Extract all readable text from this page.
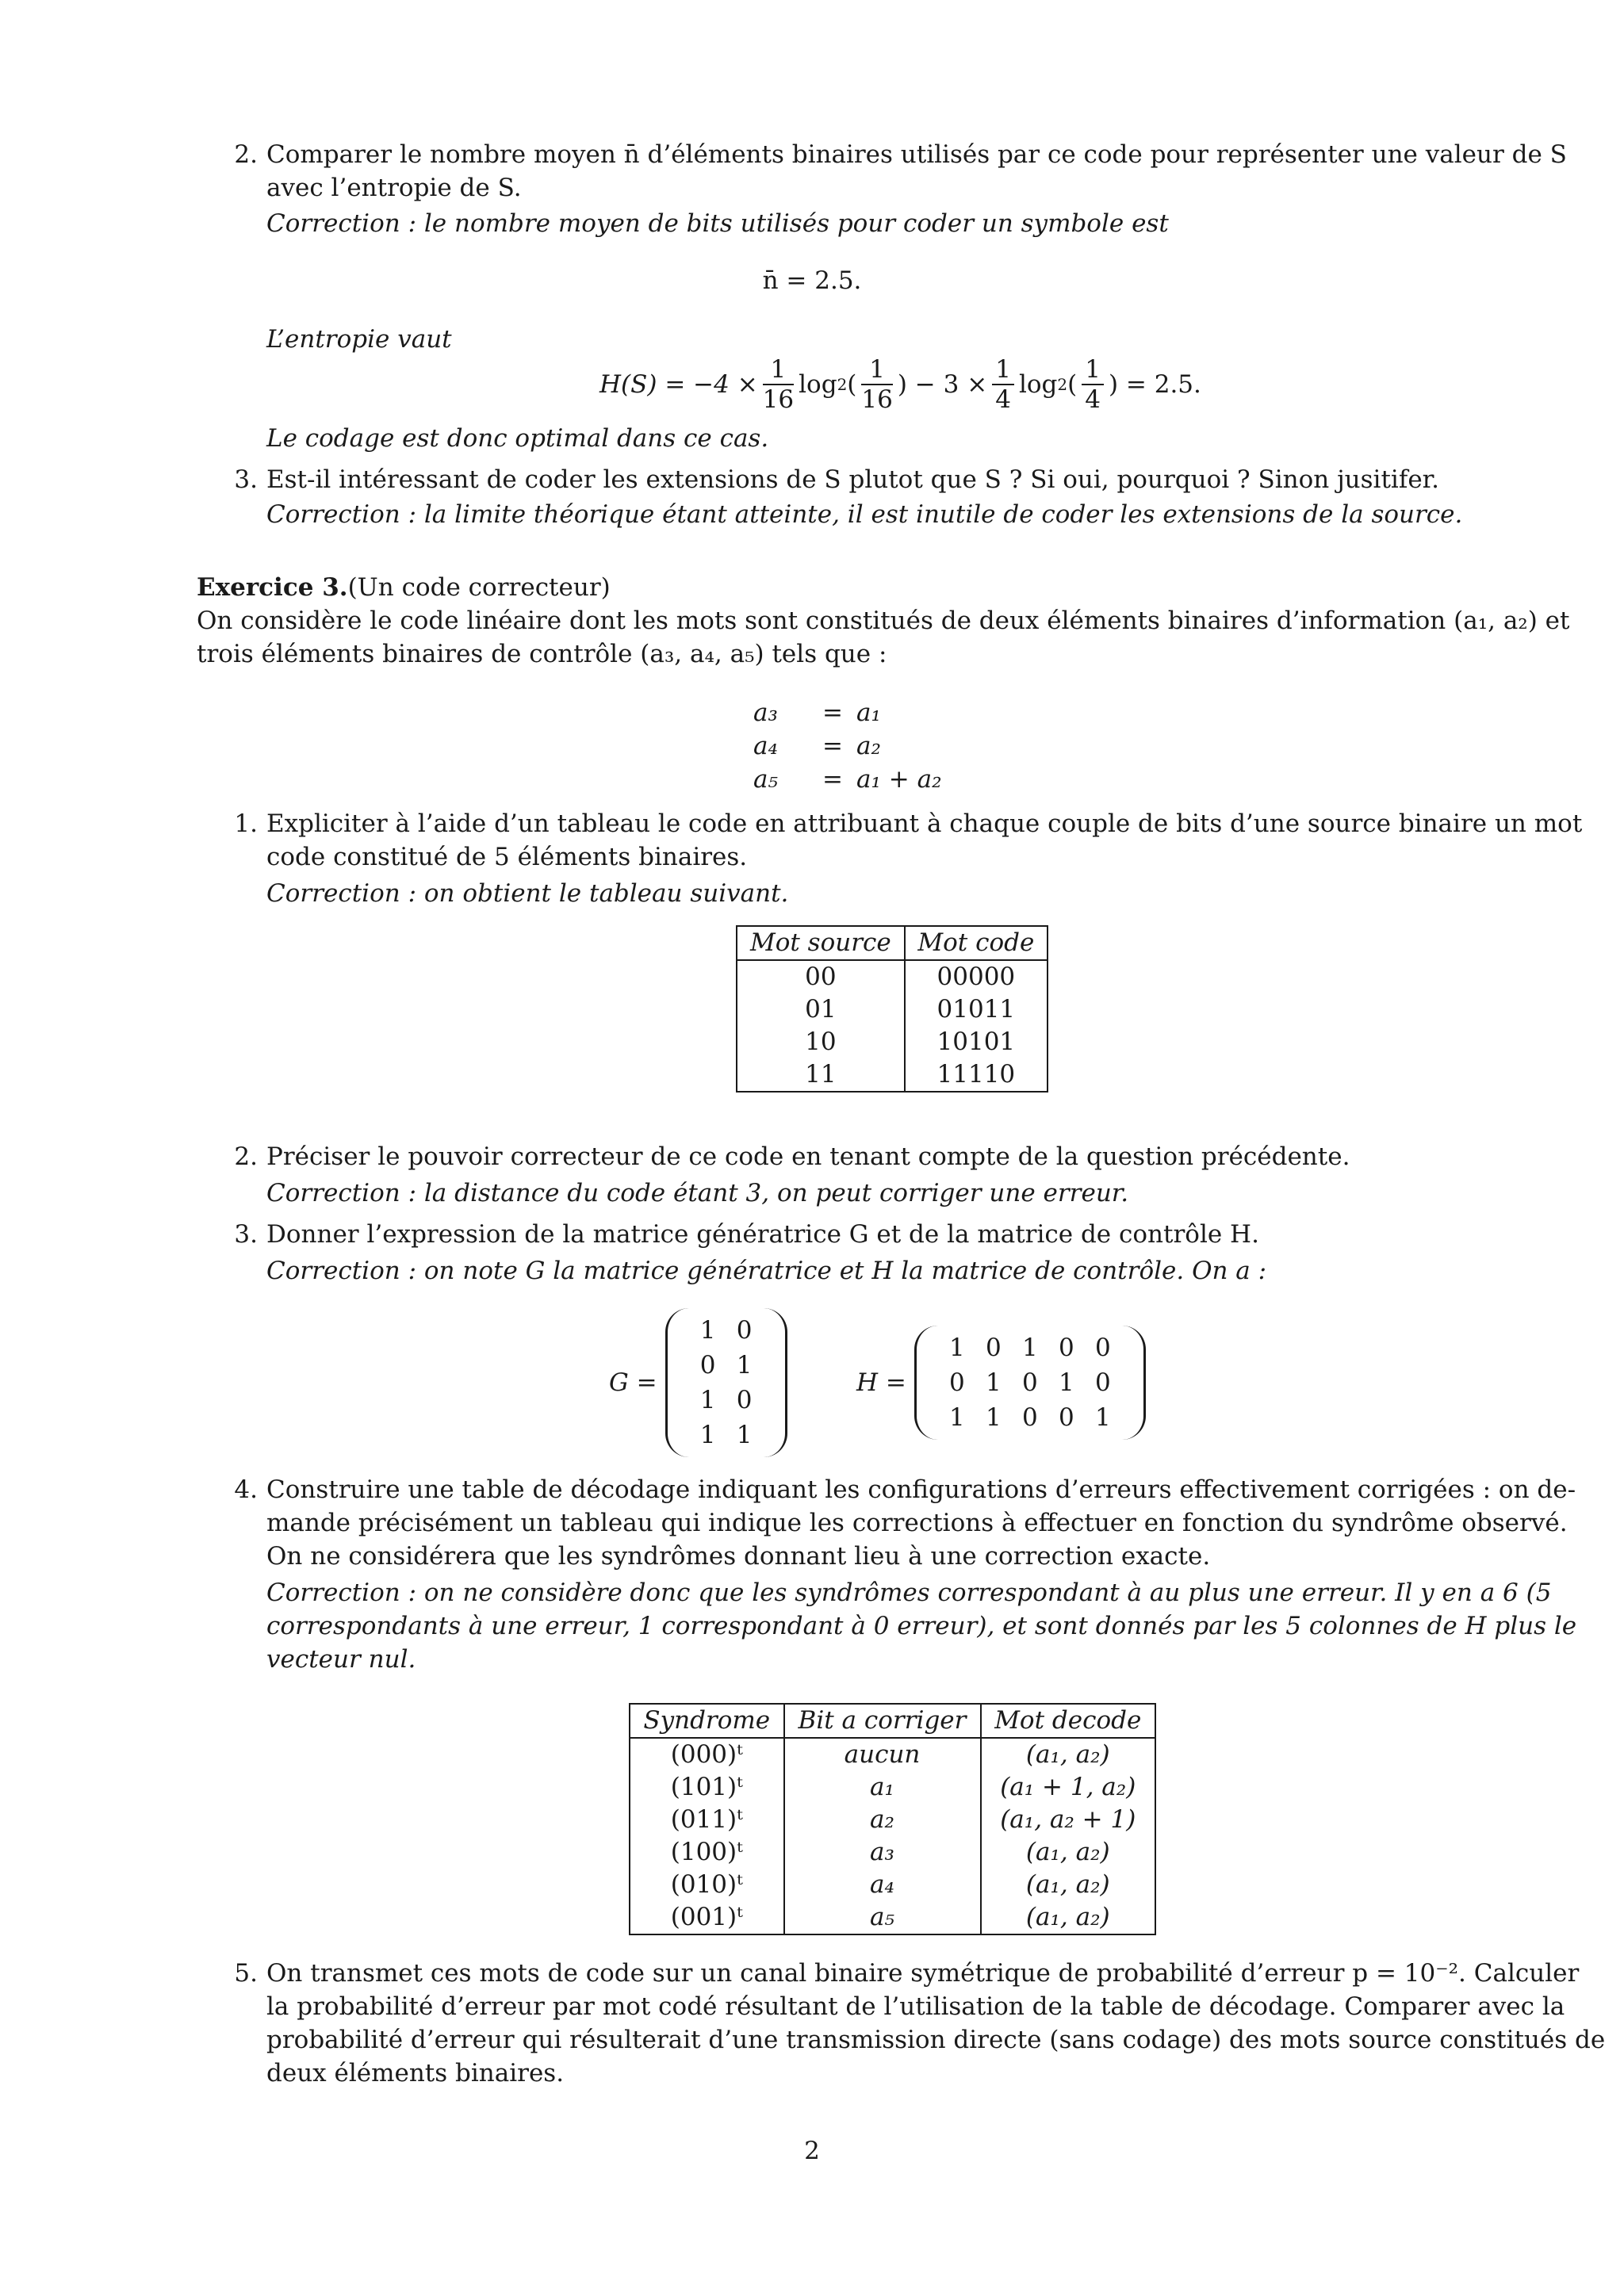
2. Comparer le nombre moyen n̄ d’éléments binaires utilisés par ce code pour représenter une valeur de S
avec l’entropie de S.
Correction : le nombre moyen de bits utilisés pour coder un symbole est
n̄ = 2.5.
L’entropie vaut
$H(S) = -4 \times \frac{1}{16}$ log 2 ( $\frac{1}{16}$ ) − $3 \times \frac{1}{4}$ log 2 ( $\frac{1}{4}$ ) = 2.5.
Le codage est donc optimal dans ce cas.
3. Est-il intéressant de coder les extensions de S plutot que S ? Si oui, pourquoi ? Sinon jusitifer.
Correction : la limite théorique étant atteinte, il est inutile de coder les extensions de la source.
Exercice 3.(Un code correcteur)
On considère le code linéaire dont les mots sont constitués de deux éléments binaires d’information (a₁, a₂) et
trois éléments binaires de contrôle (a₃, a₄, a₅) tels que :
a₃	= a₁
a₄	= a₂
a₅	= a₁ + a₂
1. Expliciter à l’aide d’un tableau le code en attribuant à chaque couple de bits d’une source binaire un mot
code constitué de 5 éléments binaires.
Correction : on obtient le tableau suivant.
Mot source	Mot code
00	00000
01	01011
10	10101
11	11110
2. Préciser le pouvoir correcteur de ce code en tenant compte de la question précédente.
Correction : la distance du code étant 3, on peut corriger une erreur.
3. Donner l’expression de la matrice génératrice G et de la matrice de contrôle H.
Correction : on note G la matrice génératrice et H la matrice de contrôle. On a :
G =
1 0
0 1
1 0
1 1
H =
1 0 1 0 0
0 1 0 1 0
1 1 0 0 1
4. Construire une table de décodage indiquant les configurations d’erreurs effectivement corrigées : on de-
mande précisément un tableau qui indique les corrections à effectuer en fonction du syndrôme observé.
On ne considérera que les syndrômes donnant lieu à une correction exacte.
Correction : on ne considère donc que les syndrômes correspondant à au plus une erreur. Il y en a 6 (5
correspondants à une erreur, 1 correspondant à 0 erreur), et sont donnés par les 5 colonnes de H plus le
vecteur nul.
Syndrome	Bit a corriger	Mot decode
(000)ᵗ	aucun	(a₁, a₂)
(101)ᵗ	a₁	(a₁ + 1, a₂)
(011)ᵗ	a₂	(a₁, a₂ + 1)
(100)ᵗ	a₃	(a₁, a₂)
(010)ᵗ	a₄	(a₁, a₂)
(001)ᵗ	a₅	(a₁, a₂)
5. On transmet ces mots de code sur un canal binaire symétrique de probabilité d’erreur p = 10⁻². Calculer
la probabilité d’erreur par mot codé résultant de l’utilisation de la table de décodage. Comparer avec la
probabilité d’erreur qui résulterait d’une transmission directe (sans codage) des mots source constitués de
deux éléments binaires.
2
